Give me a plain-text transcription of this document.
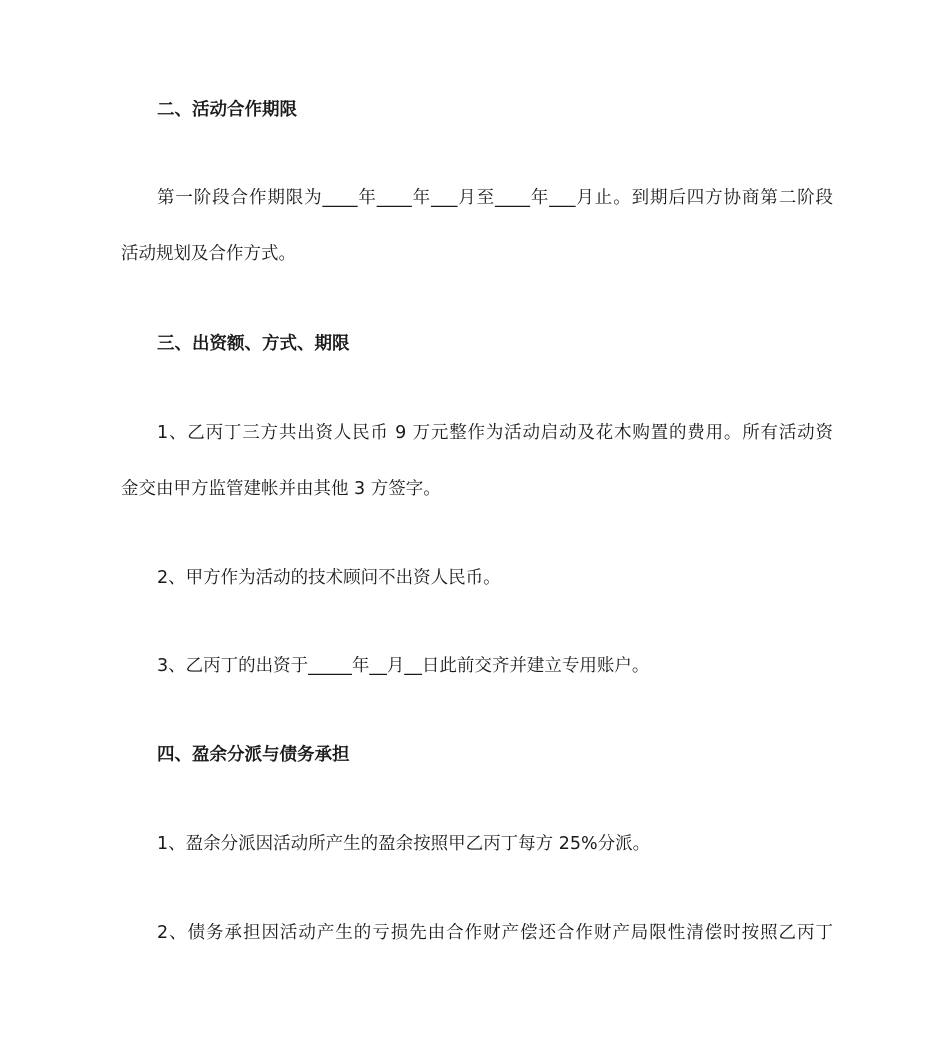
二、活动合作期限
第一阶段合作期限为____年____年___月至____年___月止。到期后四方协商第二阶段
活动规划及合作方式。
三、出资额、方式、期限
1、乙丙丁三方共出资人民币 9 万元整作为活动启动及花木购置的费用。所有活动资
金交由甲方监管建帐并由其他 3 方签字。
2、甲方作为活动的技术顾问不出资人民币。
3、乙丙丁的出资于_____年__月__日此前交齐并建立专用账户。
四、盈余分派与债务承担
1、盈余分派因活动所产生的盈余按照甲乙丙丁每方 25%分派。
2、债务承担因活动产生的亏损先由合作财产偿还合作财产局限性清偿时按照乙丙丁
